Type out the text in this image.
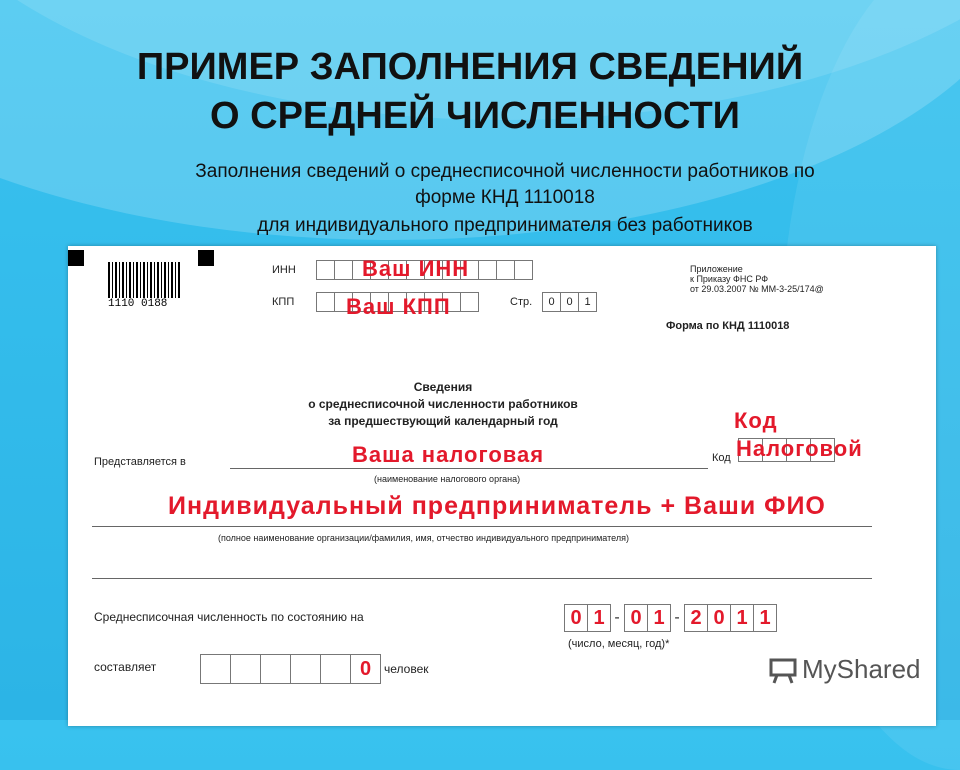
ПРИМЕР ЗАПОЛНЕНИЯ СВЕДЕНИЙ
О СРЕДНЕЙ ЧИСЛЕННОСТИ
Заполнения сведений о среднесписочной численности работников по
форме КНД 1110018
для индивидуального предпринимателя без работников
1110 0188
ИНН	Ваш ИНН
КПП Ваш КПП	Стр.	0	0	1
Приложение
к Приказу ФНС РФ
от 29.03.2007 № ММ-3-25/174@
Форма по КНД 1110018
Сведения
о среднесписочной численности работников
за предшествующий календарный год	Код
Представляется в	Ваша налоговая
(наименование налогового органа)
Код Налоговой
Индивидуальный предприниматель + Ваши ФИО
(полное наименование организации/фамилия, имя, отчество индивидуального предпринимателя)
Среднесписочная численность по состоянию на	0 1 - 0 1 - 2 0 1 1
(число, месяц, год)*
составляет	0	человек	MyShared
